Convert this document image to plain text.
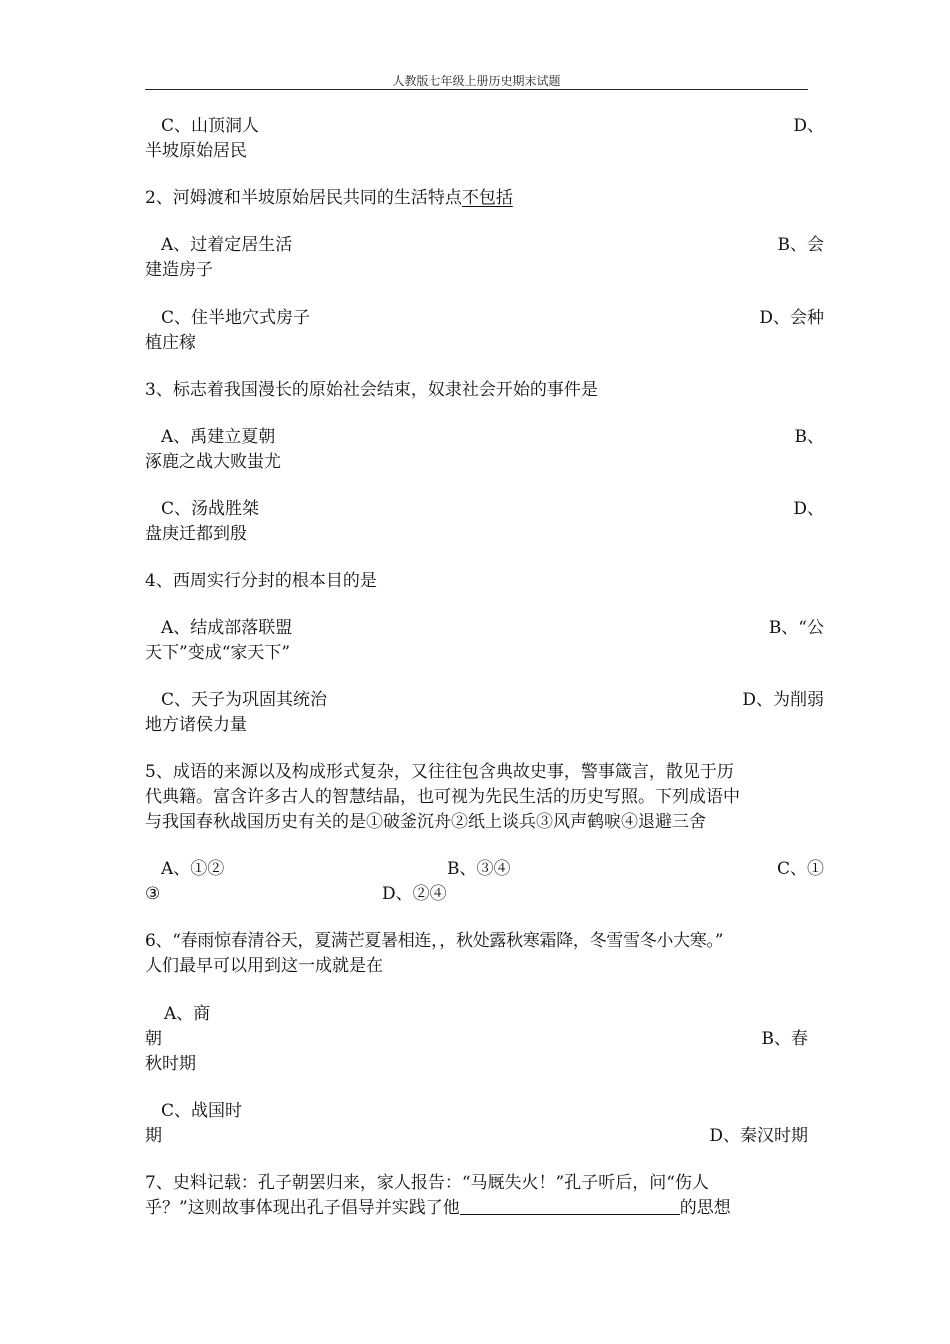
人教版七年级上册历史期末试题
C、山顶洞人	D、
半坡原始居民
2、河姆渡和半坡原始居民共同的生活特点不包括
A、过着定居生活	B、会
建造房子
C、住半地穴式房子	D、会种
植庄稼
3、标志着我国漫长的原始社会结束，奴隶社会开始的事件是
A、禹建立夏朝	B、
涿鹿之战大败蚩尤
C、汤战胜桀	D、
盘庚迁都到殷
4、西周实行分封的根本目的是
A、结成部落联盟	B、“公
天下”变成“家天下”
C、天子为巩固其统治	D、为削弱
地方诸侯力量
5、成语的来源以及构成形式复杂，又往往包含典故史事，警事箴言，散见于历
代典籍。富含许多古人的智慧结晶，也可视为先民生活的历史写照。下列成语中
与我国春秋战国历史有关的是①破釜沉舟②纸上谈兵③风声鹤唳④退避三舍
A、①②	B、③④	C、①
③	D、②④
6、“春雨惊春清谷天，夏满芒夏暑相连，，秋处露秋寒霜降，冬雪雪冬小大寒。”
人们最早可以用到这一成就是在
A、商
朝	B、春
秋时期
C、战国时
期	D、秦汉时期
7、史料记载：孔子朝罢归来，家人报告：“马厩失火！”孔子听后，问“伤人
乎？”这则故事体现出孔子倡导并实践了他	的思想
